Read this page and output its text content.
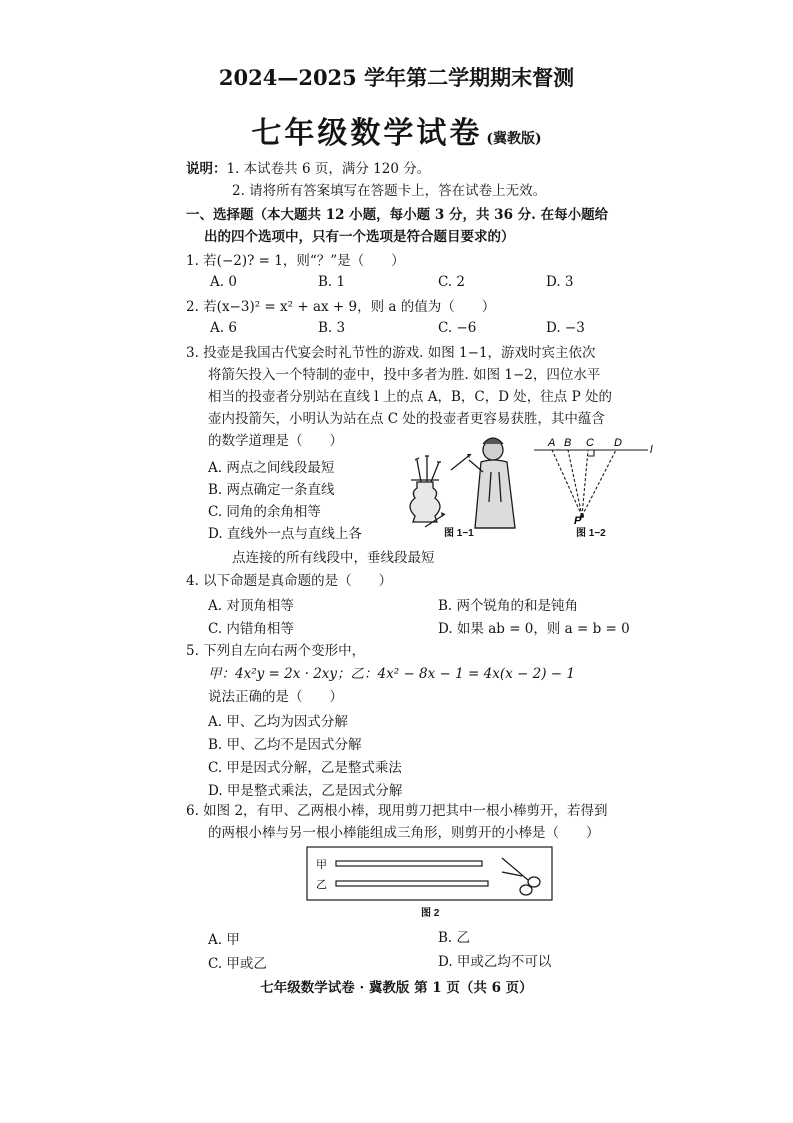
2024—2025 学年第二学期期末督测
七年级数学试卷 (冀教版)
说明：1. 本试卷共 6 页，满分 120 分。
2. 请将所有答案填写在答题卡上，答在试卷上无效。
一、选择题（本大题共 12 小题，每小题 3 分，共 36 分. 在每小题给
出的四个选项中，只有一个选项是符合题目要求的）
1. 若(−2)? = 1，则“？”是（　　）
A. 0	B. 1	C. 2	D. 3
2. 若(x−3)² = x² + ax + 9，则 a 的值为（　　）
A. 6	B. 3	C. −6	D. −3
3. 投壶是我国古代宴会时礼节性的游戏. 如图 1−1，游戏时宾主依次
将箭矢投入一个特制的壶中，投中多者为胜. 如图 1−2，四位水平
相当的投壶者分别站在直线 l 上的点 A，B，C，D 处，往点 P 处的
壶内投箭矢，小明认为站在点 C 处的投壶者更容易获胜，其中蕴含
的数学道理是（　　）
A. 两点之间线段最短
B. 两点确定一条直线
C. 同角的余角相等
D. 直线外一点与直线上各
点连接的所有线段中，垂线段最短
A B C D
l
P
图 1−1	图 1−2
4. 以下命题是真命题的是（　　）
A. 对顶角相等	B. 两个锐角的和是钝角
C. 内错角相等	D. 如果 ab = 0，则 a = b = 0
5. 下列自左向右两个变形中，
甲：4x²y = 2x · 2xy；乙：4x² − 8x − 1 = 4x(x − 2) − 1
说法正确的是（　　）
A. 甲、乙均为因式分解
B. 甲、乙均不是因式分解
C. 甲是因式分解，乙是整式乘法
D. 甲是整式乘法，乙是因式分解
6. 如图 2，有甲、乙两根小棒，现用剪刀把其中一根小棒剪开，若得到
的两根小棒与另一根小棒能组成三角形，则剪开的小棒是（　　）
甲
乙
图 2
A. 甲	B. 乙
C. 甲或乙	D. 甲或乙均不可以
七年级数学试卷 · 冀教版 第 1 页（共 6 页）
